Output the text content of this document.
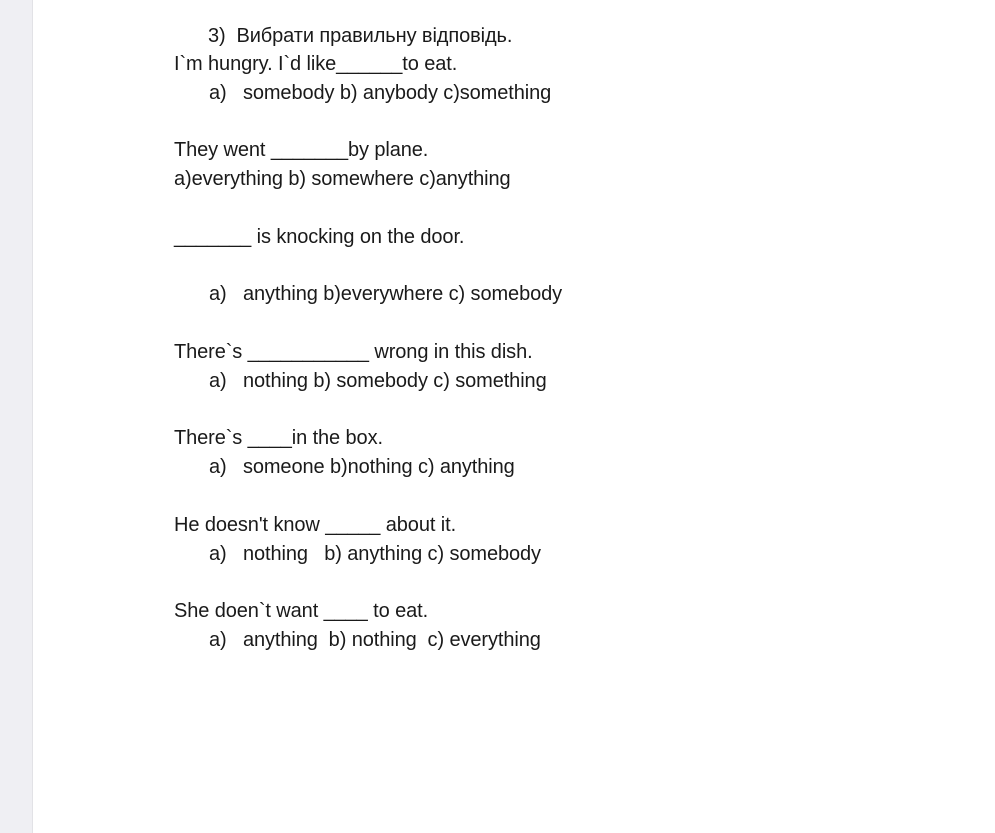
3)  Вибрати правильну відповідь.
I`m hungry. I`d like______to eat.
a)   somebody b) anybody c)something
They went _______by plane.
a)everything b) somewhere c)anything
_______ is knocking on the door.
a)   anything b)everywhere c) somebody
There`s ___________ wrong in this dish.
a)   nothing b) somebody c) something
There`s ____in the box.
a)   someone b)nothing c) anything
He doesn't know _____ about it.
a)   nothing   b) anything c) somebody
She doen`t want ____ to eat.
a)   anything  b) nothing  c) everything
